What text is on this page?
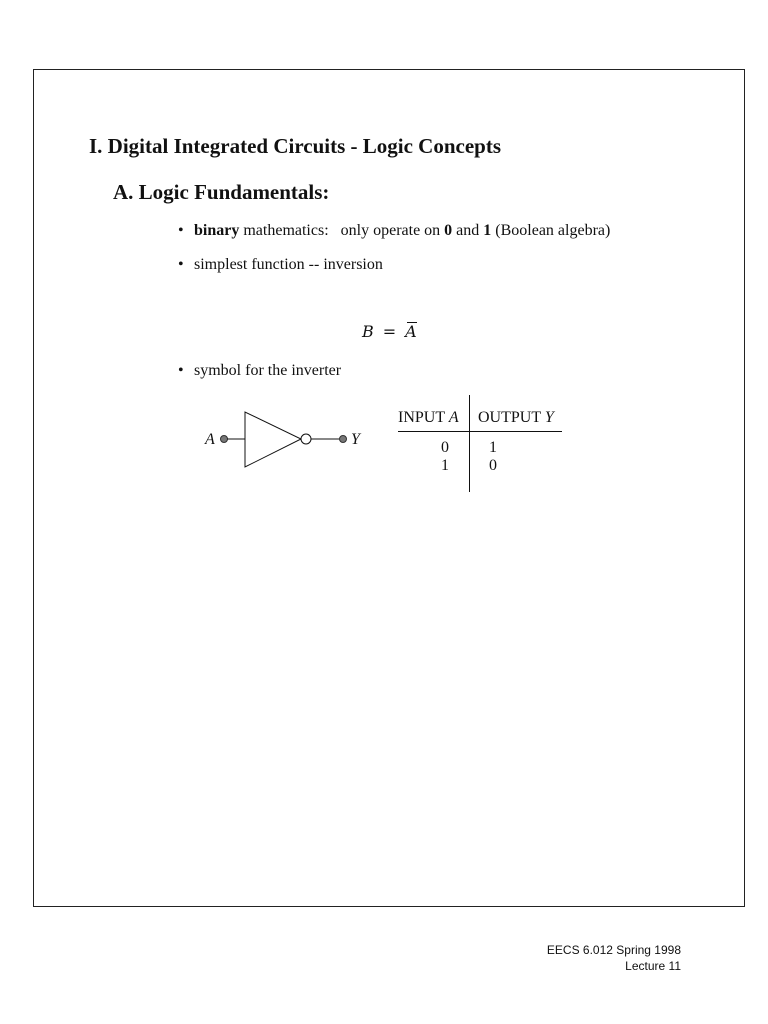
I. Digital Integrated Circuits - Logic Concepts
A. Logic Fundamentals:
• binary mathematics:   only operate on 0 and 1 (Boolean algebra)
• simplest function -- inversion
B = A
• symbol for the inverter
A	Y
INPUT A OUTPUT Y
0	1
1	0
EECS 6.012 Spring 1998
Lecture 11
